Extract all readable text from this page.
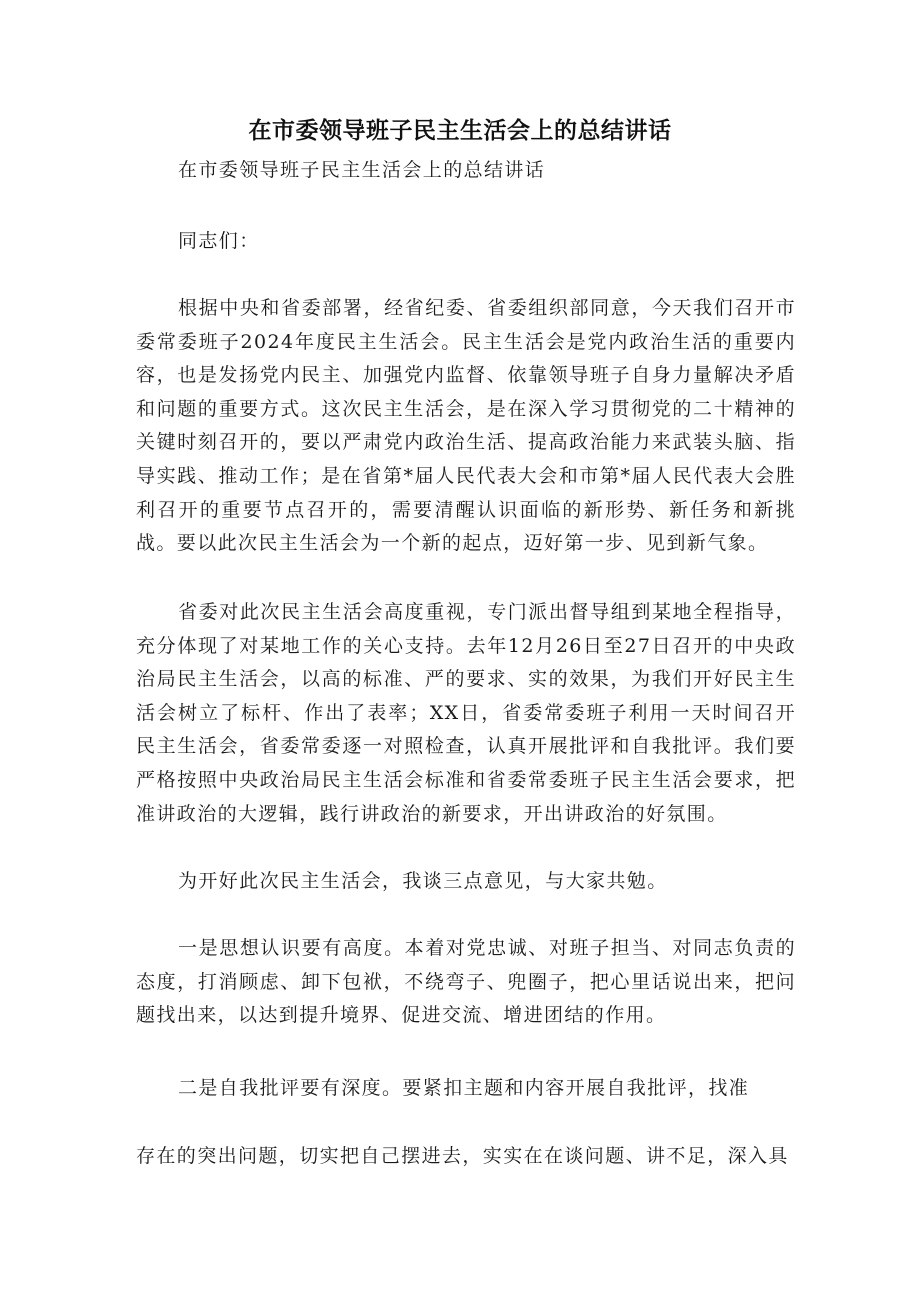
在市委领导班子民主生活会上的总结讲话

在市委领导班子民主生活会上的总结讲话

同志们：

根据中央和省委部署，经省纪委、省委组织部同意，今天我们召开市委常委班子2024年度民主生活会。民主生活会是党内政治生活的重要内容，也是发扬党内民主、加强党内监督、依靠领导班子自身力量解决矛盾和问题的重要方式。这次民主生活会，是在深入学习贯彻党的二十精神的关键时刻召开的，要以严肃党内政治生活、提高政治能力来武装头脑、指导实践、推动工作；是在省第*届人民代表大会和市第*届人民代表大会胜利召开的重要节点召开的，需要清醒认识面临的新形势、新任务和新挑战。要以此次民主生活会为一个新的起点，迈好第一步、见到新气象。

省委对此次民主生活会高度重视，专门派出督导组到某地全程指导，充分体现了对某地工作的关心支持。去年12月26日至27日召开的中央政治局民主生活会，以高的标准、严的要求、实的效果，为我们开好民主生活会树立了标杆、作出了表率；XX日，省委常委班子利用一天时间召开民主生活会，省委常委逐一对照检查，认真开展批评和自我批评。我们要严格按照中央政治局民主生活会标准和省委常委班子民主生活会要求，把准讲政治的大逻辑，践行讲政治的新要求，开出讲政治的好氛围。

为开好此次民主生活会，我谈三点意见，与大家共勉。

一是思想认识要有高度。本着对党忠诚、对班子担当、对同志负责的态度，打消顾虑、卸下包袱，不绕弯子、兜圈子，把心里话说出来，把问题找出来，以达到提升境界、促进交流、增进团结的作用。

二是自我批评要有深度。要紧扣主题和内容开展自我批评，找准

存在的突出问题，切实把自己摆进去，实实在在谈问题、讲不足，深入具
